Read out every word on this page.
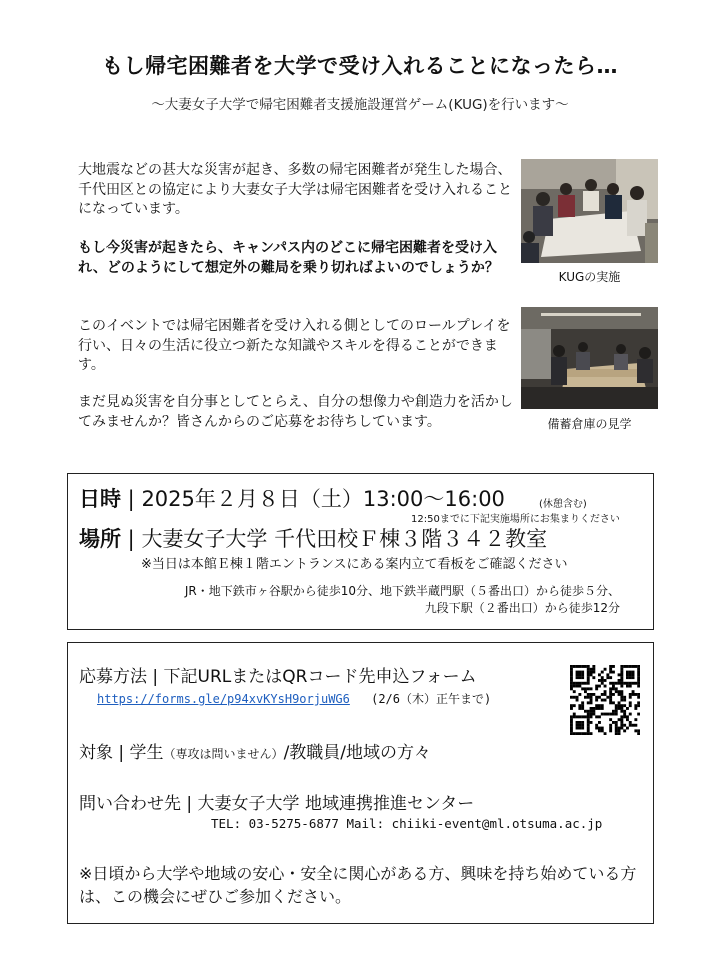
もし帰宅困難者を大学で受け入れることになったら…
～大妻女子大学で帰宅困難者支援施設運営ゲーム(KUG)を行います～
大地震などの甚大な災害が起き、多数の帰宅困難者が発生した場合、千代田区との協定により大妻女子大学は帰宅困難者を受け入れることになっています。
もし今災害が起きたら、キャンパス内のどこに帰宅困難者を受け入れ、どのようにして想定外の難局を乗り切ればよいのでしょうか？
このイベントでは帰宅困難者を受け入れる側としてのロールプレイを行い、日々の生活に役立つ新たな知識やスキルを得ることができます。
まだ見ぬ災害を自分事としてとらえ、自分の想像力や創造力を活かしてみませんか？皆さんからのご応募をお待ちしています。
KUGの実施
備蓄倉庫の見学
日時 | 2025年２月８日（土）13:00～16:00	(休憩含む)
12:50までに下記実施場所にお集まりください
場所 | 大妻女子大学 千代田校Ｆ棟３階３４２教室
※当日は本館Ｅ棟１階エントランスにある案内立て看板をご確認ください
JR・地下鉄市ヶ谷駅から徒歩10分、地下鉄半蔵門駅（５番出口）から徒歩５分、
九段下駅（２番出口）から徒歩12分
応募方法 | 下記URLまたはQRコード先申込フォーム
https://forms.gle/p94xvKYsH9orjuWG6 (2/6（木）正午まで)
対象 | 学生（専攻は問いません）/教職員/地域の方々
問い合わせ先 | 大妻女子大学 地域連携推進センター
TEL: 03-5275-6877 Mail: chiiki-event@ml.otsuma.ac.jp
※日頃から大学や地域の安心・安全に関心がある方、興味を持ち始めている方は、この機会にぜひご参加ください。
